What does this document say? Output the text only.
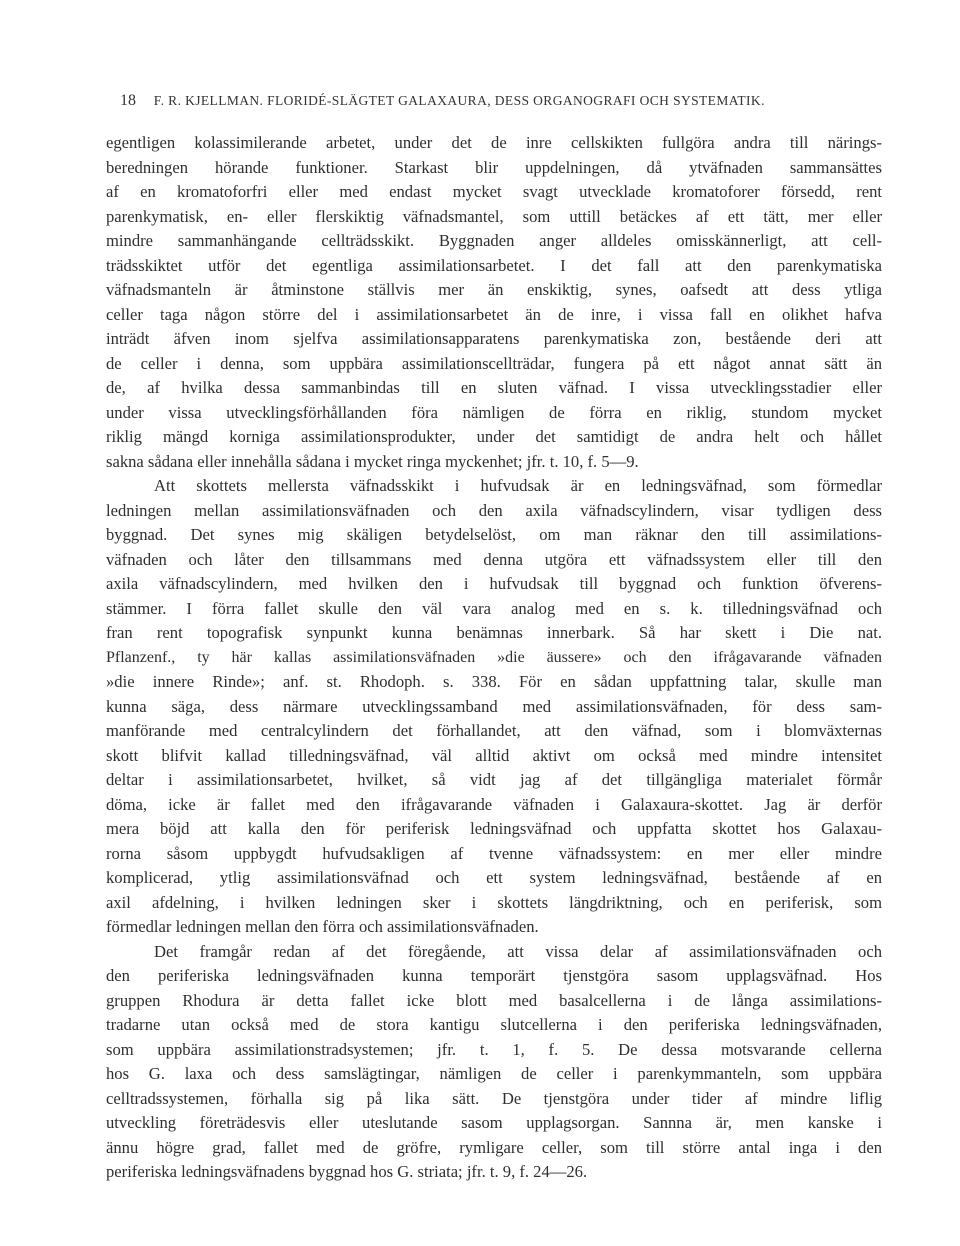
18 F. R. KJELLMAN. FLORIDÉ-SLÄGTET GALAXAURA, DESS ORGANOGRAFI OCH SYSTEMATIK.
egentligen kolassimilerande arbetet, under det de inre cellskikten fullgöra andra till närings-
beredningen hörande funktioner. Starkast blir uppdelningen, då ytväfnaden sammansättes
af en kromatoforfri eller med endast mycket svagt utvecklade kromatoforer försedd, rent
parenkymatisk, en- eller flerskiktig väfnadsmantel, som uttill betäckes af ett tätt, mer eller
mindre sammanhängande cellträdsskikt. Byggnaden anger alldeles omisskännerligt, att cell-
trädsskiktet utför det egentliga assimilationsarbetet. I det fall att den parenkymatiska
väfnadsmanteln är åtminstone ställvis mer än enskiktig, synes, oafsedt att dess ytliga
celler taga någon större del i assimilationsarbetet än de inre, i vissa fall en olikhet hafva
inträdt äfven inom sjelfva assimilationsapparatens parenkymatiska zon, bestående deri att
de celler i denna, som uppbära assimilationscellträdar, fungera på ett något annat sätt än
de, af hvilka dessa sammanbindas till en sluten väfnad. I vissa utvecklingsstadier eller
under vissa utvecklingsförhållanden föra nämligen de förra en riklig, stundom mycket
riklig mängd korniga assimilationsprodukter, under det samtidigt de andra helt och hållet
sakna sådana eller innehålla sådana i mycket ringa myckenhet; jfr. t. 10, f. 5—9.
Att skottets mellersta väfnadsskikt i hufvudsak är en ledningsväfnad, som förmedlar
ledningen mellan assimilationsväfnaden och den axila väfnadscylindern, visar tydligen dess
byggnad. Det synes mig skäligen betydelselöst, om man räknar den till assimilations-
väfnaden och låter den tillsammans med denna utgöra ett väfnadssystem eller till den
axila väfnadscylindern, med hvilken den i hufvudsak till byggnad och funktion öfverens-
stämmer. I förra fallet skulle den väl vara analog med en s. k. tilledningsväfnad och
fran rent topografisk synpunkt kunna benämnas innerbark. Så har skett i Die nat.
Pflanzenf., ty här kallas assimilationsväfnaden »die äussere» och den ifrågavarande väfnaden
»die innere Rinde»; anf. st. Rhodoph. s. 338. För en sådan uppfattning talar, skulle man
kunna säga, dess närmare utvecklingssamband med assimilationsväfnaden, för dess sam-
manförande med centralcylindern det förhallandet, att den väfnad, som i blomväxternas
skott blifvit kallad tilledningsväfnad, väl alltid aktivt om också med mindre intensitet
deltar i assimilationsarbetet, hvilket, så vidt jag af det tillgängliga materialet förmår
döma, icke är fallet med den ifrågavarande väfnaden i Galaxaura-skottet. Jag är derför
mera böjd att kalla den för periferisk ledningsväfnad och uppfatta skottet hos Galaxau-
rorna såsom uppbygdt hufvudsakligen af tvenne väfnadssystem: en mer eller mindre
komplicerad, ytlig assimilationsväfnad och ett system ledningsväfnad, bestående af en
axil afdelning, i hvilken ledningen sker i skottets längdriktning, och en periferisk, som
förmedlar ledningen mellan den förra och assimilationsväfnaden.
Det framgår redan af det föregående, att vissa delar af assimilationsväfnaden och
den periferiska ledningsväfnaden kunna temporärt tjenstgöra sasom upplagsväfnad. Hos
gruppen Rhodura är detta fallet icke blott med basalcellerna i de långa assimilations-
tradarne utan också med de stora kantigu slutcellerna i den periferiska ledningsväfnaden,
som uppbära assimilationstradsystemen; jfr. t. 1, f. 5. De dessa motsvarande cellerna
hos G. laxa och dess samslägtingar, nämligen de celler i parenkymmanteln, som uppbära
celltradssystemen, förhalla sig på lika sätt. De tjenstgöra under tider af mindre liflig
utveckling företrädesvis eller uteslutande sasom upplagsorgan. Sannna är, men kanske i
ännu högre grad, fallet med de gröfre, rymligare celler, som till större antal inga i den
periferiska ledningsväfnadens byggnad hos G. striata; jfr. t. 9, f. 24—26.
